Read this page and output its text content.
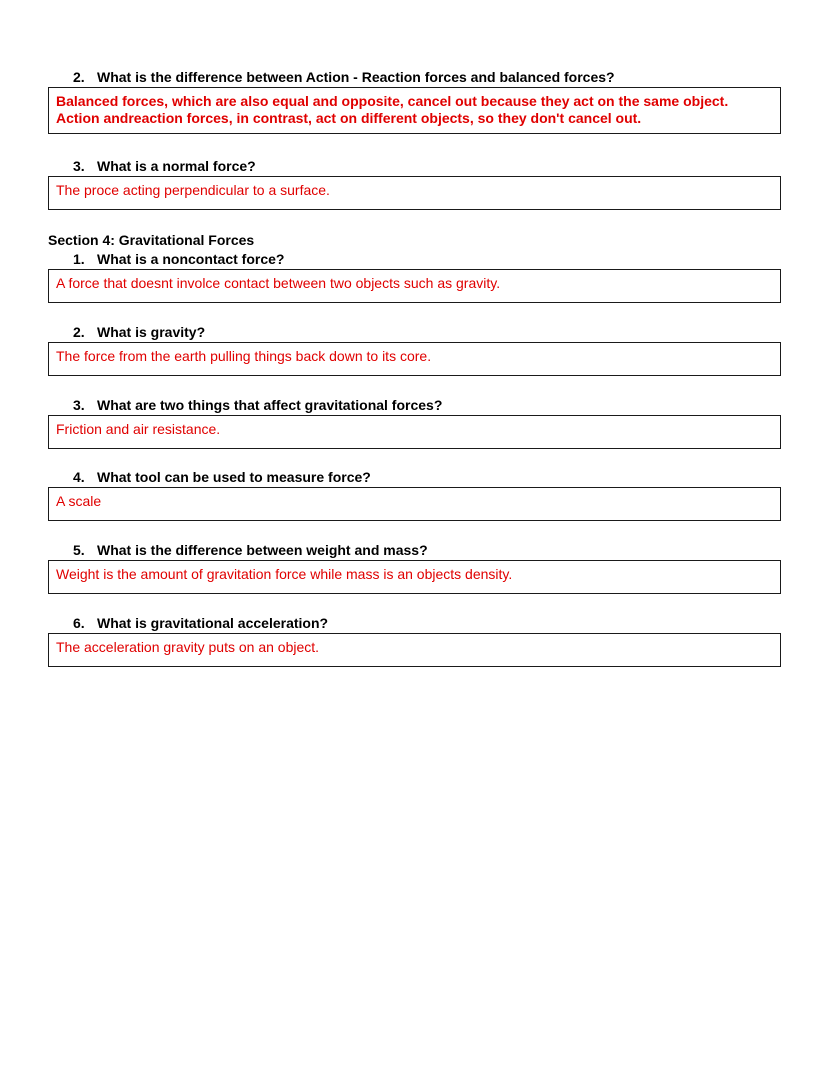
2. What is the difference between Action - Reaction forces and balanced forces?
Balanced forces, which are also equal and opposite, cancel out because they act on the same object.
Action andreaction forces, in contrast, act on different objects, so they don't cancel out.
3. What is a normal force?
The proce acting perpendicular to a surface.
Section 4: Gravitational Forces
1. What is a noncontact force?
A force that doesnt involce contact between two objects such as gravity.
2. What is gravity?
The force from the earth pulling things back down to its core.
3. What are two things that affect gravitational forces?
Friction and air resistance.
4. What tool can be used to measure force?
A scale
5. What is the difference between weight and mass?
Weight is the amount of gravitation force while mass is an objects density.
6. What is gravitational acceleration?
The acceleration gravity puts on an object.
